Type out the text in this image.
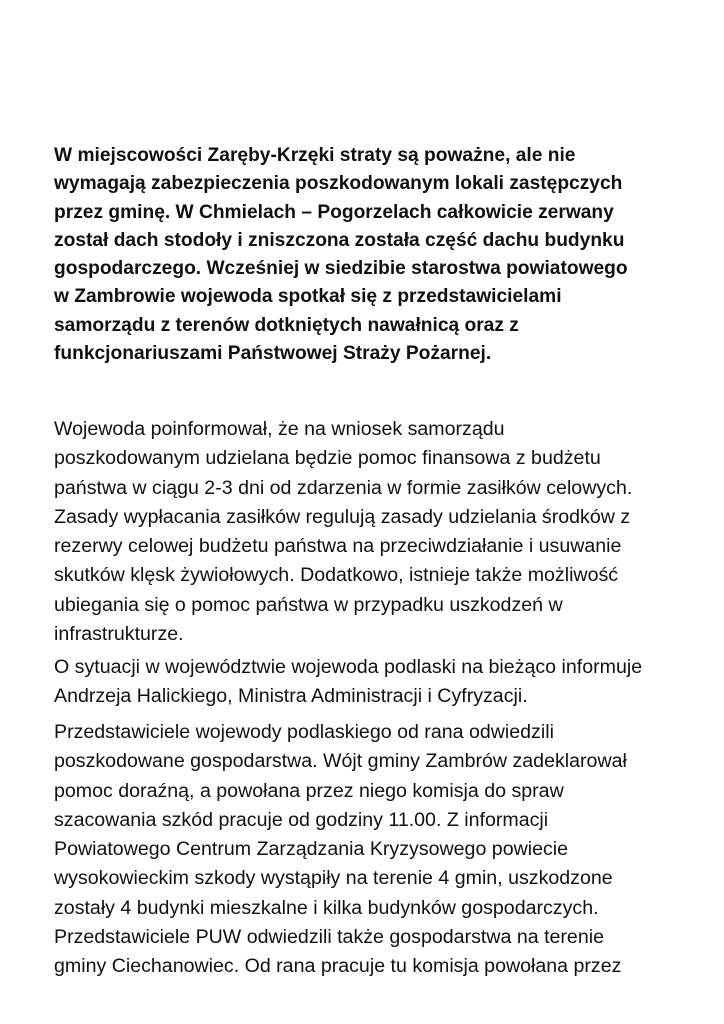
W miejscowości Zaręby-Krzęki straty są poważne, ale nie
wymagają zabezpieczenia poszkodowanym lokali zastępczych
przez gminę. W Chmielach – Pogorzelach całkowicie zerwany
został dach stodoły i zniszczona została część dachu budynku
gospodarczego. Wcześniej w siedzibie starostwa powiatowego
w Zambrowie wojewoda spotkał się z przedstawicielami
samorządu z terenów dotkniętych nawałnicą oraz z
funkcjonariuszami Państwowej Straży Pożarnej.
Wojewoda poinformował, że na wniosek samorządu
poszkodowanym udzielana będzie pomoc finansowa z budżetu
państwa w ciągu 2-3 dni od zdarzenia w formie zasiłków celowych.
Zasady wypłacania zasiłków regulują zasady udzielania środków z
rezerwy celowej budżetu państwa na przeciwdziałanie i usuwanie
skutków klęsk żywiołowych. Dodatkowo, istnieje także możliwość
ubiegania się o pomoc państwa w przypadku uszkodzeń w
infrastrukturze.
O sytuacji w województwie wojewoda podlaski na bieżąco informuje
Andrzeja Halickiego, Ministra Administracji i Cyfryzacji.
Przedstawiciele wojewody podlaskiego od rana odwiedzili
poszkodowane gospodarstwa. Wójt gminy Zambrów zadeklarował
pomoc doraźną, a powołana przez niego komisja do spraw
szacowania szkód pracuje od godziny 11.00. Z informacji
Powiatowego Centrum Zarządzania Kryzysowego powiecie
wysokowieckim szkody wystąpiły na terenie 4 gmin, uszkodzone
zostały 4 budynki mieszkalne i kilka budynków gospodarczych.
Przedstawiciele PUW odwiedzili także gospodarstwa na terenie
gminy Ciechanowiec. Od rana pracuje tu komisja powołana przez
